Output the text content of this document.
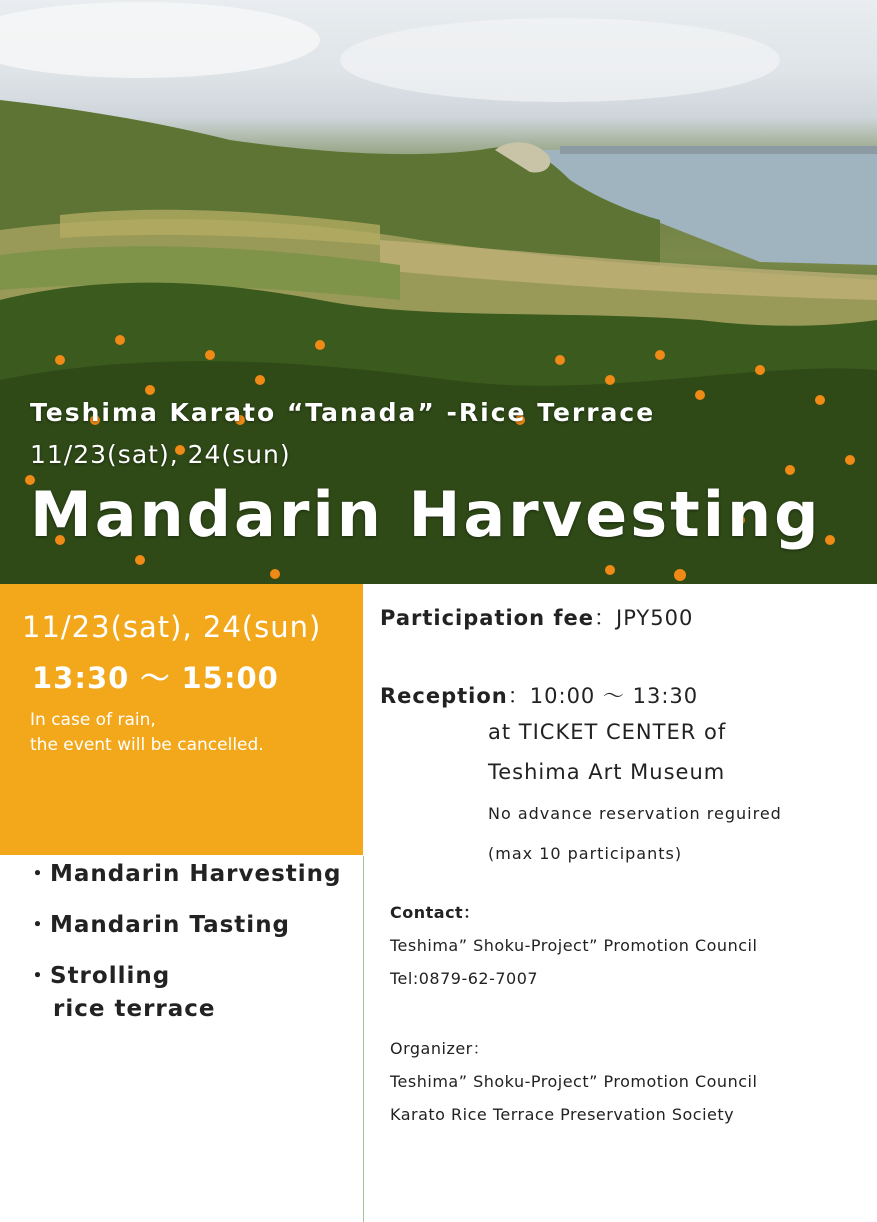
Teshima Karato “Tanada” -Rice Terrace
11/23(sat), 24(sun)
Mandarin Harvesting
11/23(sat), 24(sun)
13:30 ～ 15:00
In case of rain,
the event will be cancelled.
・Mandarin Harvesting
・Mandarin Tasting
・Strolling
rice terrace
Participation fee：JPY500
Reception：10:00 ～ 13:30
at TICKET CENTER of
Teshima Art Museum
No advance reservation reguired
(max 10 participants)
Contact：
Teshima” Shoku-Project” Promotion Council
Tel:0879-62-7007
Organizer：
Teshima” Shoku-Project” Promotion Council
Karato Rice Terrace Preservation Society
